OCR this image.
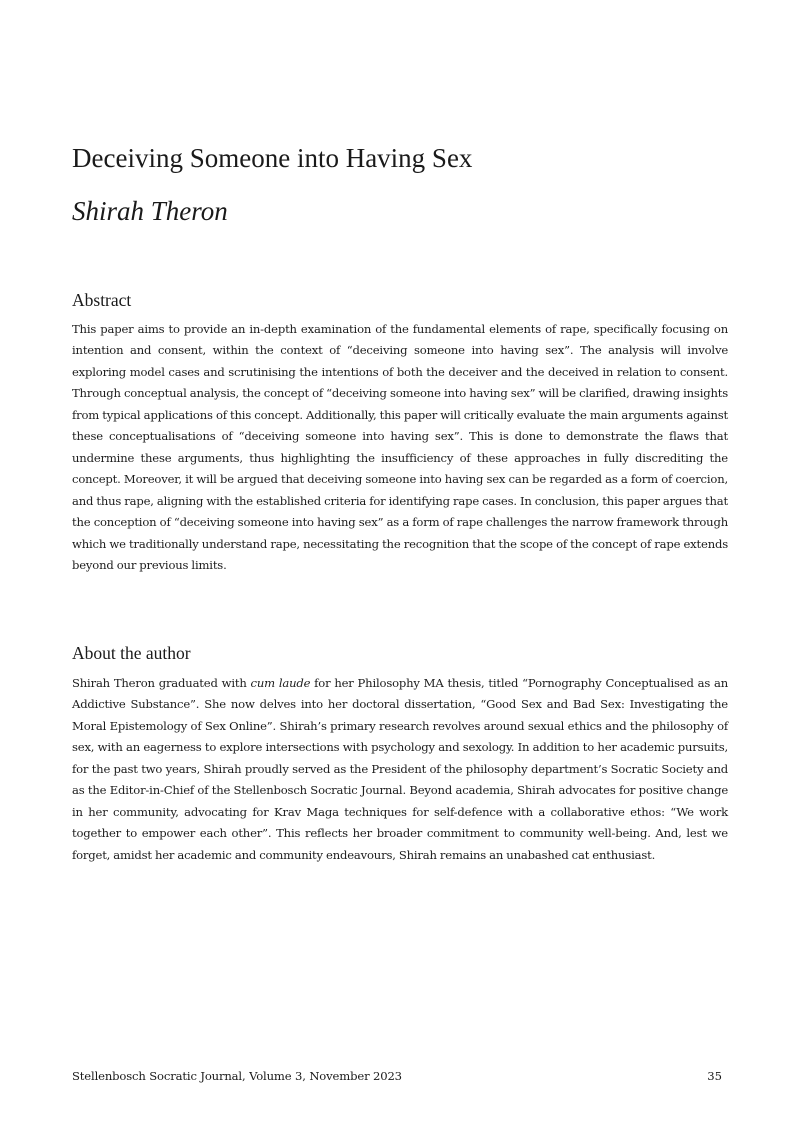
Deceiving Someone into Having Sex
Shirah Theron
Abstract

This paper aims to provide an in-depth examination of the fundamental elements of rape, specifically focusing on intention and consent, within the context of “deceiving someone into having sex”. The analysis will involve exploring model cases and scrutinising the intentions of both the deceiver and the deceived in relation to consent. Through conceptual analysis, the concept of “deceiving someone into having sex” will be clarified, drawing insights from typical applications of this concept. Additionally, this paper will critically evaluate the main arguments against these conceptualisations of “deceiving someone into having sex”. This is done to demonstrate the flaws that undermine these arguments, thus highlighting the insufficiency of these approaches in fully discrediting the concept. Moreover, it will be argued that deceiving someone into having sex can be regarded as a form of coercion, and thus rape, aligning with the established criteria for identifying rape cases. In conclusion, this paper argues that the conception of “deceiving someone into having sex” as a form of rape challenges the narrow framework through which we traditionally understand rape, necessitating the recognition that the scope of the concept of rape extends beyond our previous limits.

About the author

Shirah Theron graduated with cum laude for her Philosophy MA thesis, titled “Pornography Conceptualised as an Addictive Substance”. She now delves into her doctoral dissertation, “Good Sex and Bad Sex: Investigating the Moral Epistemology of Sex Online”. Shirah’s primary research revolves around sexual ethics and the philosophy of sex, with an eagerness to explore intersections with psychology and sexology. In addition to her academic pursuits, for the past two years, Shirah proudly served as the President of the philosophy department’s Socratic Society and as the Editor-in-Chief of the Stellenbosch Socratic Journal. Beyond academia, Shirah advocates for positive change in her community, advocating for Krav Maga techniques for self-defence with a collaborative ethos: “We work together to empower each other”. This reflects her broader commitment to community well-being. And, lest we forget, amidst her academic and community endeavours, Shirah remains an unabashed cat enthusiast.

Stellenbosch Socratic Journal, Volume 3, November 2023	35
